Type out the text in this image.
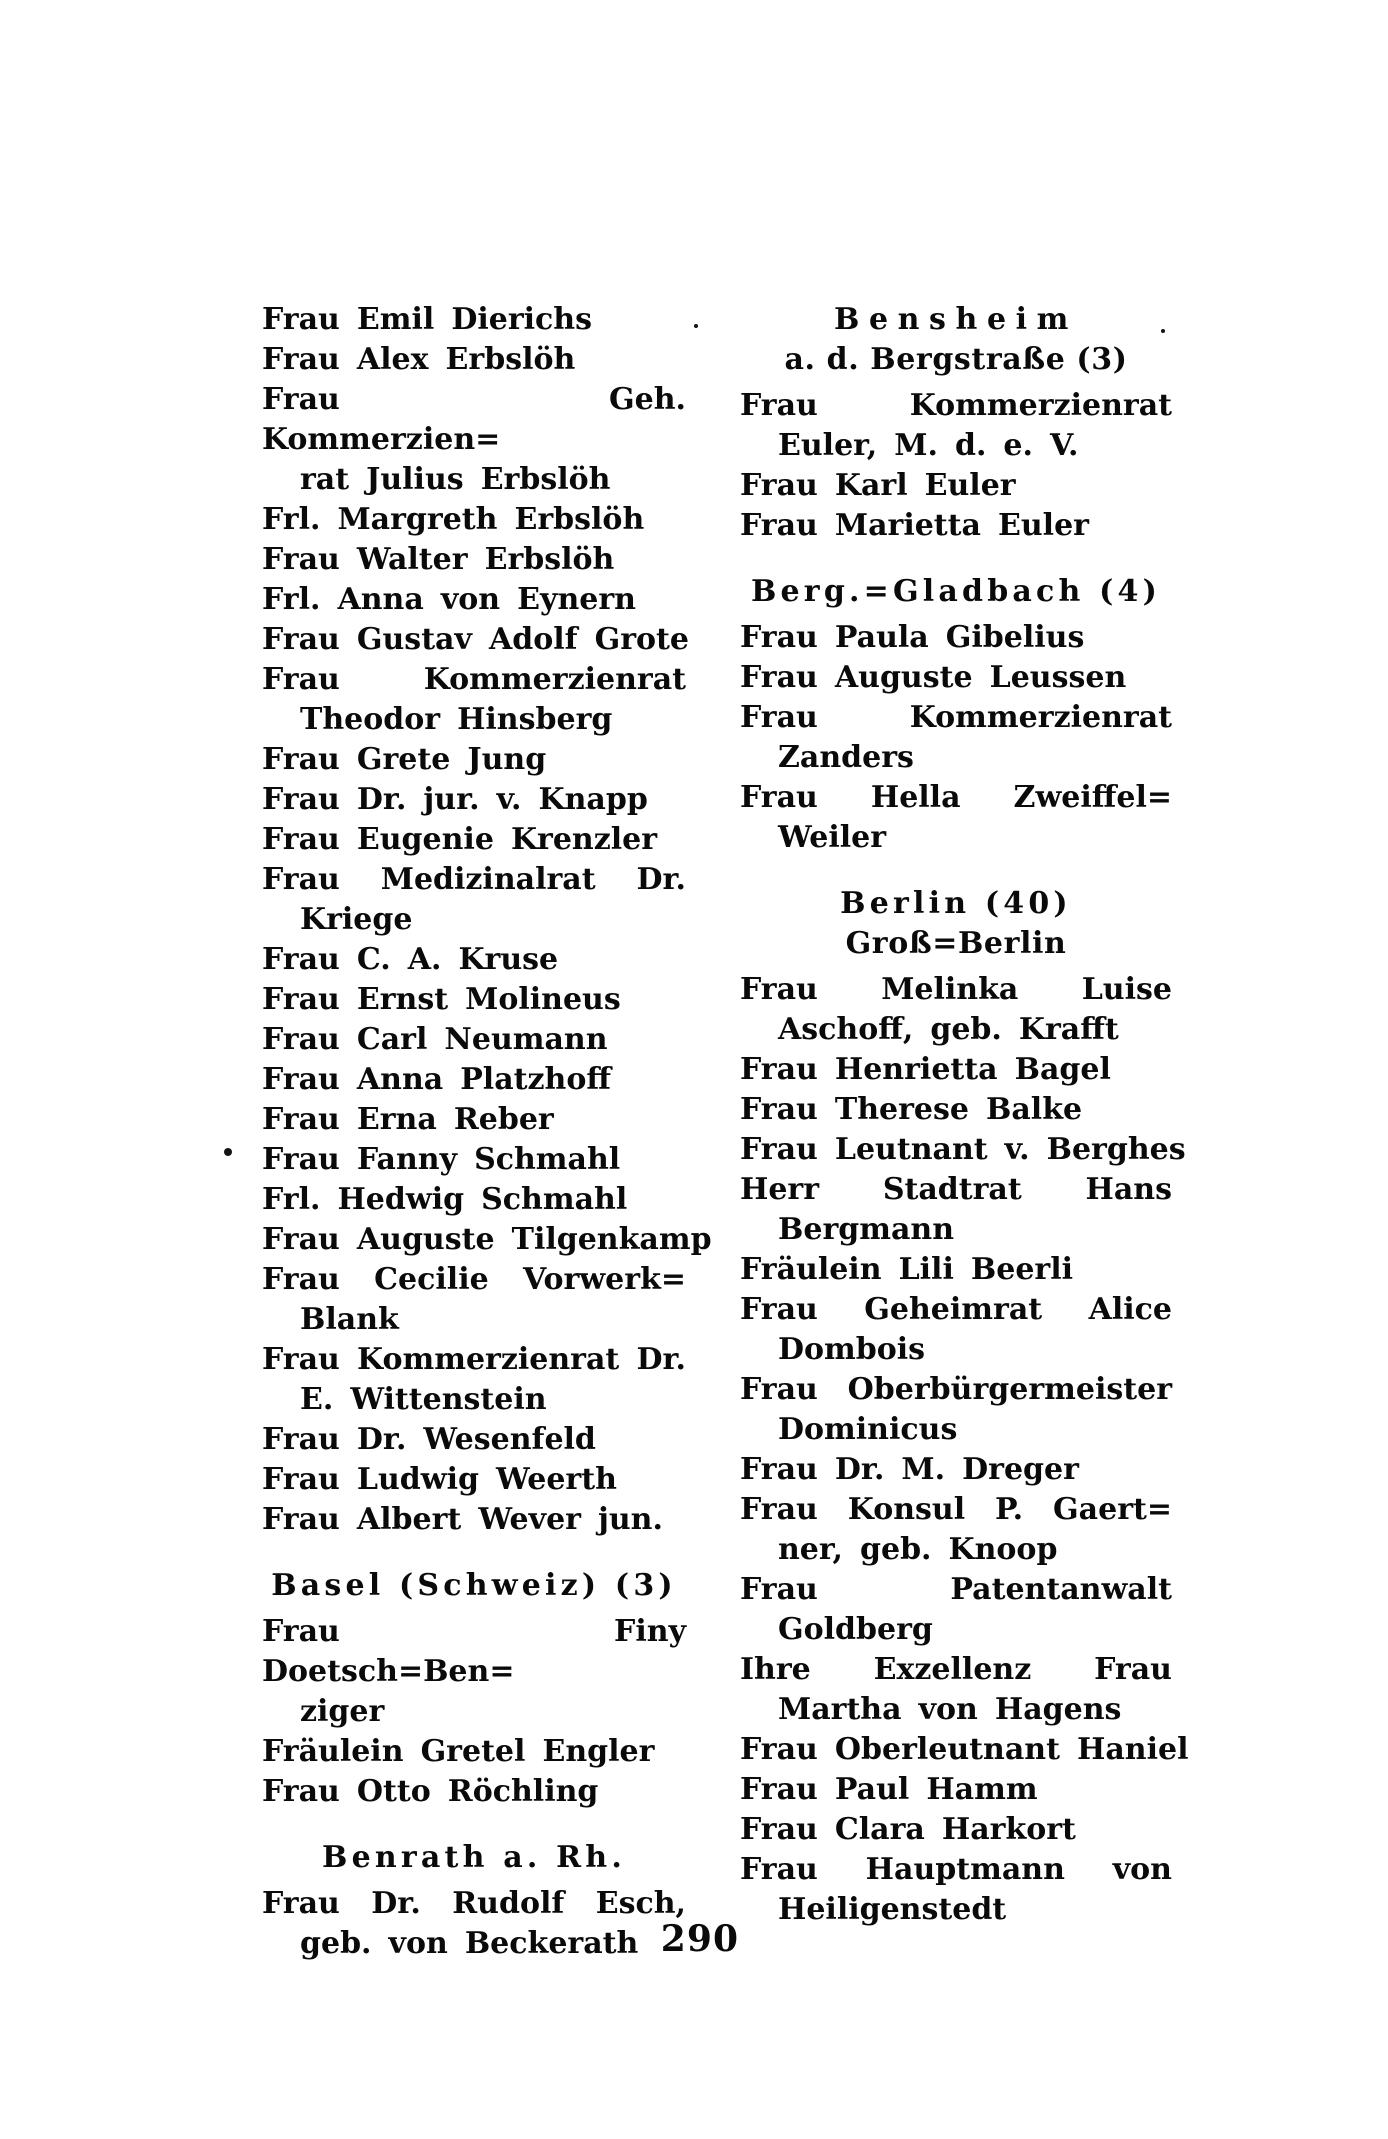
Frau Emil Dierichs
Frau Alex Erbslöh
Frau Geh. Kommerzien=
rat Julius Erbslöh
Frl. Margreth Erbslöh
Frau Walter Erbslöh
Frl. Anna von Eynern
Frau Gustav Adolf Grote
Frau Kommerzienrat
Theodor Hinsberg
Frau Grete Jung
Frau Dr. jur. v. Knapp
Frau Eugenie Krenzler
Frau Medizinalrat Dr.
Kriege
Frau C. A. Kruse
Frau Ernst Molineus
Frau Carl Neumann
Frau Anna Platzhoff
Frau Erna Reber
Frau Fanny Schmahl
Frl. Hedwig Schmahl
Frau Auguste Tilgenkamp
Frau Cecilie Vorwerk=
Blank
Frau Kommerzienrat Dr.
E. Wittenstein
Frau Dr. Wesenfeld
Frau Ludwig Weerth
Frau Albert Wever jun.
Basel (Schweiz) (3)
Frau Finy Doetsch=Ben=
ziger
Fräulein Gretel Engler
Frau Otto Röchling
Benrath a. Rh.
Frau Dr. Rudolf Esch,
geb. von Beckerath
Bensheim
a. d. Bergstraße (3)
Frau Kommerzienrat
Euler, M. d. e. V.
Frau Karl Euler
Frau Marietta Euler
Berg.=Gladbach (4)
Frau Paula Gibelius
Frau Auguste Leussen
Frau Kommerzienrat
Zanders
Frau Hella Zweiffel=
Weiler
Berlin (40)
Groß=Berlin
Frau Melinka Luise
Aschoff, geb. Krafft
Frau Henrietta Bagel
Frau Therese Balke
Frau Leutnant v. Berghes
Herr Stadtrat Hans
Bergmann
Fräulein Lili Beerli
Frau Geheimrat Alice
Dombois
Frau Oberbürgermeister
Dominicus
Frau Dr. M. Dreger
Frau Konsul P. Gaert=
ner, geb. Knoop
Frau Patentanwalt
Goldberg
Ihre Exzellenz Frau
Martha von Hagens
Frau Oberleutnant Haniel
Frau Paul Hamm
Frau Clara Harkort
Frau Hauptmann von
Heiligenstedt
290
